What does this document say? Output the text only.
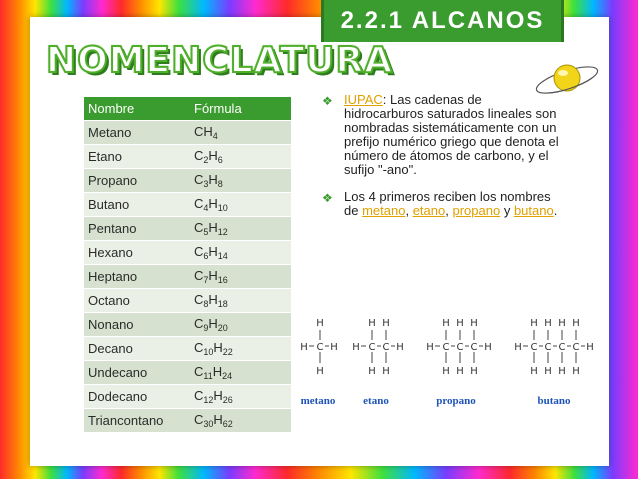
2.2.1 ALCANOS
NOMENCLATURA
Nombre	Fórmula
Metano	$CH_4$
Etano	$C_2H_6$
Propano	$C_3H_8$
Butano	$C_4H_{10}$
Pentano	$C_5H_{12}$
Hexano	$C_6H_{14}$
Heptano	$C_7H_{16}$
Octano	$C_8H_{18}$
Nonano	$C_9H_{20}$
Decano	$C_{10}H_{22}$
Undecano	$C_{11}H_{24}$
Dodecano	$C_{12}H_{26}$
Triancontano	$C_{30}H_{62}$
❖ IUPAC: Las cadenas de hidrocarburos saturados lineales son nombradas sistemáticamente con un prefijo numérico griego que denota el número de átomos de carbono, y el sufijo "-ano".
❖ Los 4 primeros reciben los nombres de metano, etano, propano y butano.
H C
H
H
H
metano
H C
H
H
C
H
H
H
etano
H C
H
H
C
H
H
C
H
H
H
propano
H C
H
H
C
H
H
C
H
H
C
H
H
H
butano
